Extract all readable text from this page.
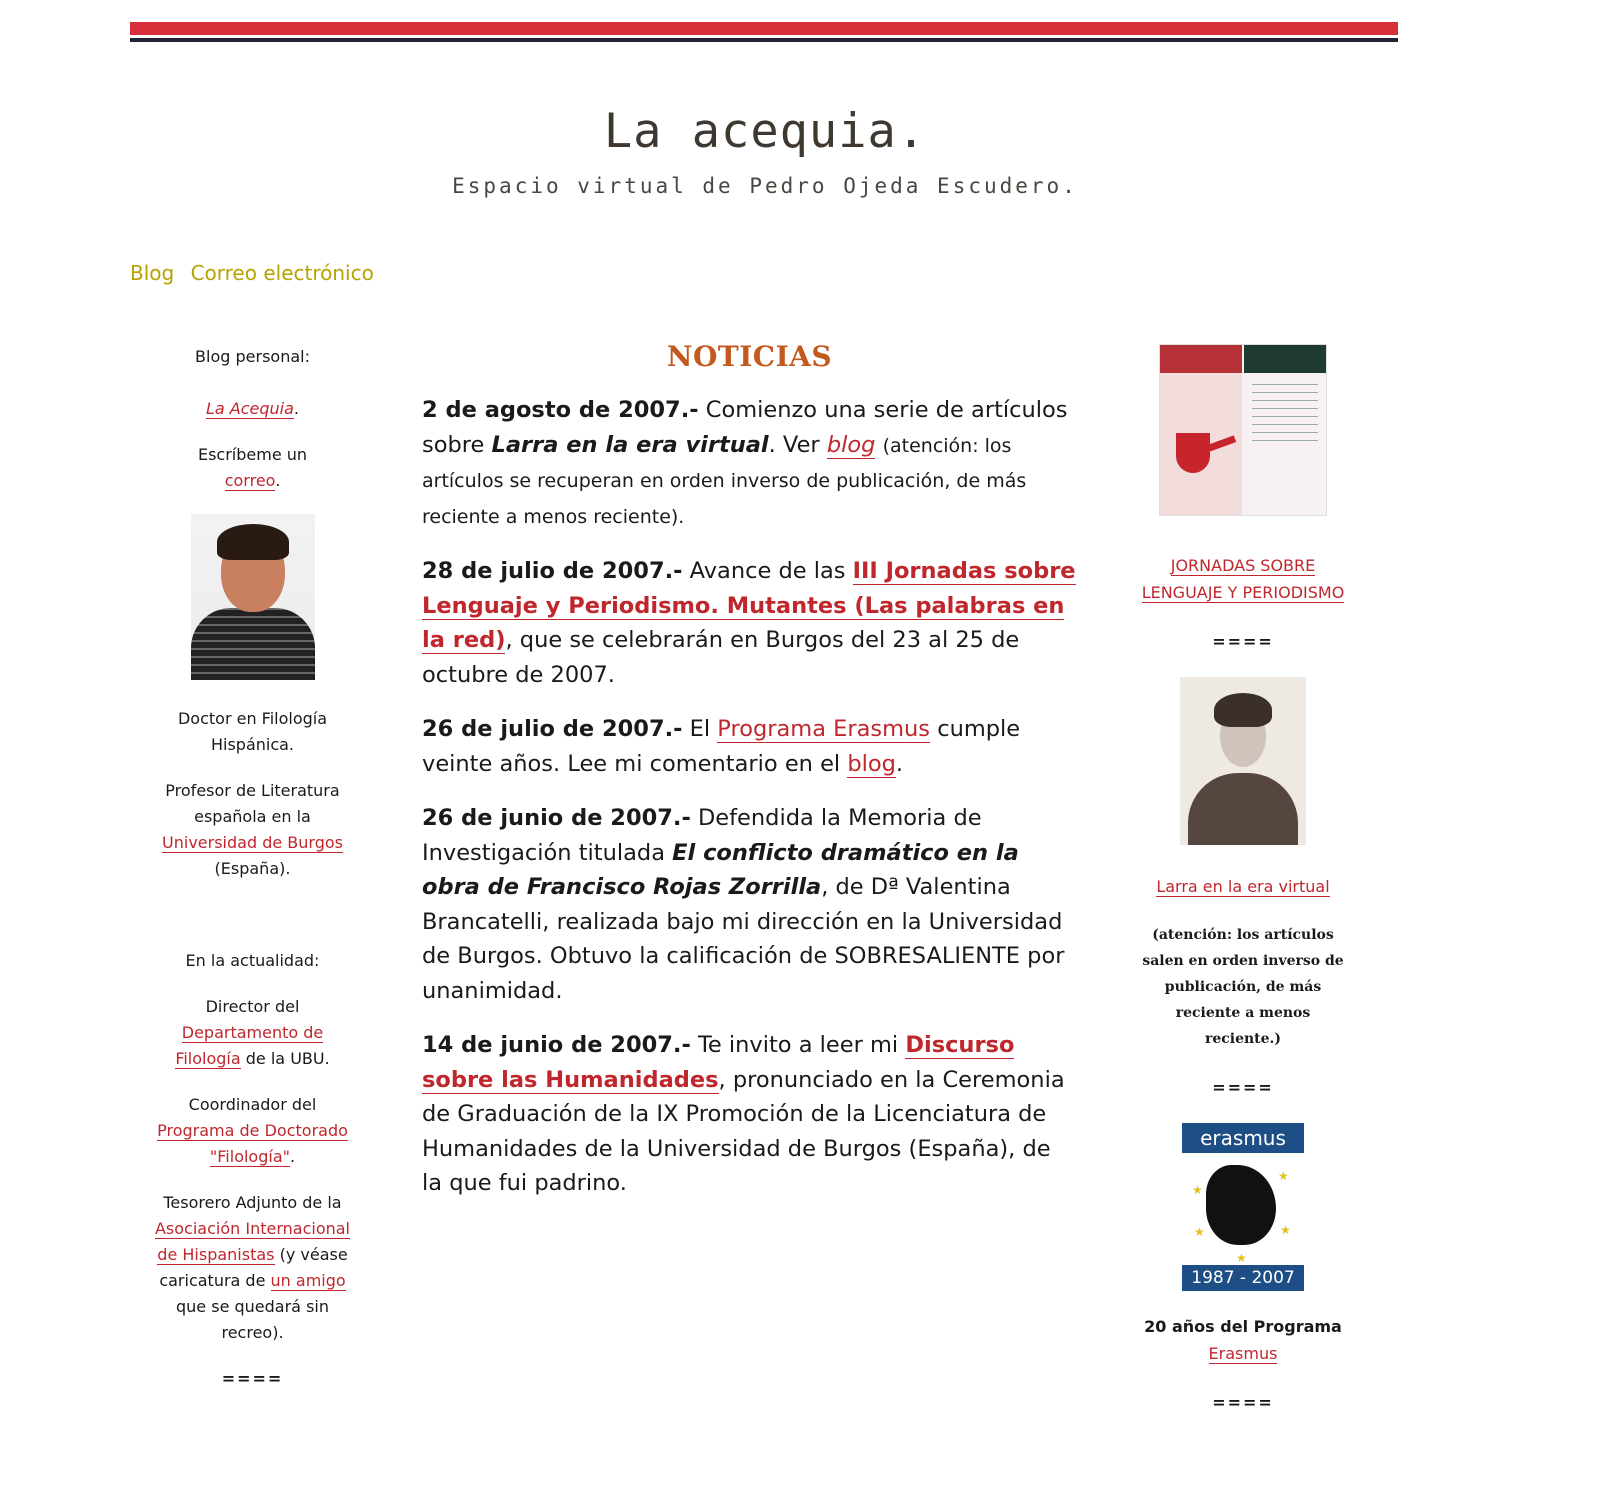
La acequia.
Espacio virtual de Pedro Ojeda Escudero.
Blog Correo electrónico

Blog personal:

La Acequia.

Escríbeme un
correo.

Doctor en Filología Hispánica.

Profesor de Literatura española en la Universidad de Burgos (España).

En la actualidad:

Director del Departamento de Filología de la UBU.

Coordinador del Programa de Doctorado "Filología".

Tesorero Adjunto de la Asociación Internacional de Hispanistas (y véase caricatura de un amigo que se quedará sin recreo).

====

NOTICIAS

2 de agosto de 2007.- Comienzo una serie de artículos sobre Larra en la era virtual. Ver blog (atención: los artículos se recuperan en orden inverso de publicación, de más reciente a menos reciente).

28 de julio de 2007.- Avance de las III Jornadas sobre Lenguaje y Periodismo. Mutantes (Las palabras en la red), que se celebrarán en Burgos del 23 al 25 de octubre de 2007.

26 de julio de 2007.- El Programa Erasmus cumple veinte años. Lee mi comentario en el blog.

26 de junio de 2007.- Defendida la Memoria de Investigación titulada El conflicto dramático en la obra de Francisco Rojas Zorrilla, de Dª Valentina Brancatelli, realizada bajo mi dirección en la Universidad de Burgos. Obtuvo la calificación de SOBRESALIENTE por unanimidad.

14 de junio de 2007.- Te invito a leer mi Discurso sobre las Humanidades, pronunciado en la Ceremonia de Graduación de la IX Promoción de la Licenciatura de Humanidades de la Universidad de Burgos (España), de la que fui padrino.

JORNADAS SOBRE LENGUAJE Y PERIODISMO
====
Larra en la era virtual
(atención: los artículos salen en orden inverso de publicación, de más reciente a menos reciente.)
====
erasmus
★
★
★	★
★
1987 - 2007
20 años del Programa Erasmus
====
